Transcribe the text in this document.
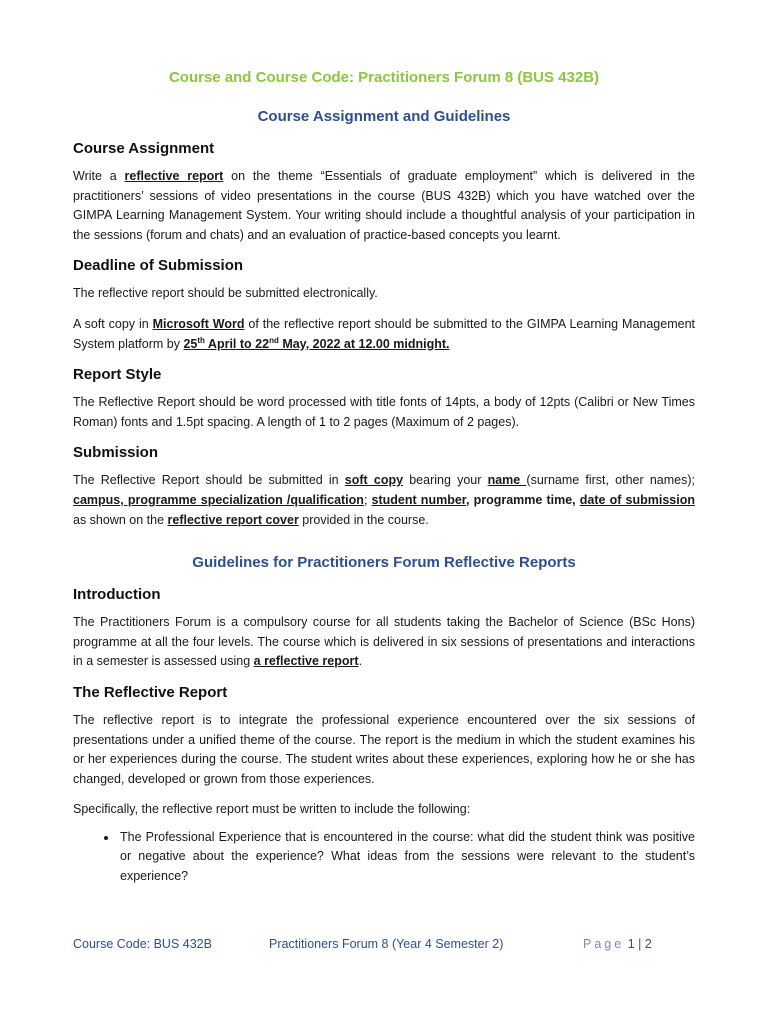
Course and Course Code: Practitioners Forum 8 (BUS 432B)
Course Assignment and Guidelines
Course Assignment

Write a reflective report on the theme “Essentials of graduate employment” which is delivered in the practitioners’ sessions of video presentations in the course (BUS 432B) which you have watched over the GIMPA Learning Management System. Your writing should include a thoughtful analysis of your participation in the sessions (forum and chats) and an evaluation of practice-based concepts you learnt.

Deadline of Submission

The reflective report should be submitted electronically.

A soft copy in Microsoft Word of the reflective report should be submitted to the GIMPA Learning Management System platform by 25th April to 22nd May, 2022 at 12.00 midnight.

Report Style

The Reflective Report should be word processed with title fonts of 14pts, a body of 12pts (Calibri or New Times Roman) fonts and 1.5pt spacing. A length of 1 to 2 pages (Maximum of 2 pages).

Submission

The Reflective Report should be submitted in soft copy bearing your name (surname first, other names); campus, programme specialization /qualification; student number, programme time, date of submission as shown on the reflective report cover provided in the course.

Guidelines for Practitioners Forum Reflective Reports
Introduction

The Practitioners Forum is a compulsory course for all students taking the Bachelor of Science (BSc Hons) programme at all the four levels. The course which is delivered in six sessions of presentations and interactions in a semester is assessed using a reflective report.

The Reflective Report

The reflective report is to integrate the professional experience encountered over the six sessions of presentations under a unified theme of the course. The report is the medium in which the student examines his or her experiences during the course. The student writes about these experiences, exploring how he or she has changed, developed or grown from those experiences.

Specifically, the reflective report must be written to include the following:

• The Professional Experience that is encountered in the course: what did the student think was positive or negative about the experience? What ideas from the sessions were relevant to the student’s experience?
Course Code: BUS 432B	Practitioners Forum 8 (Year 4 Semester 2)	Page 1 | 2
